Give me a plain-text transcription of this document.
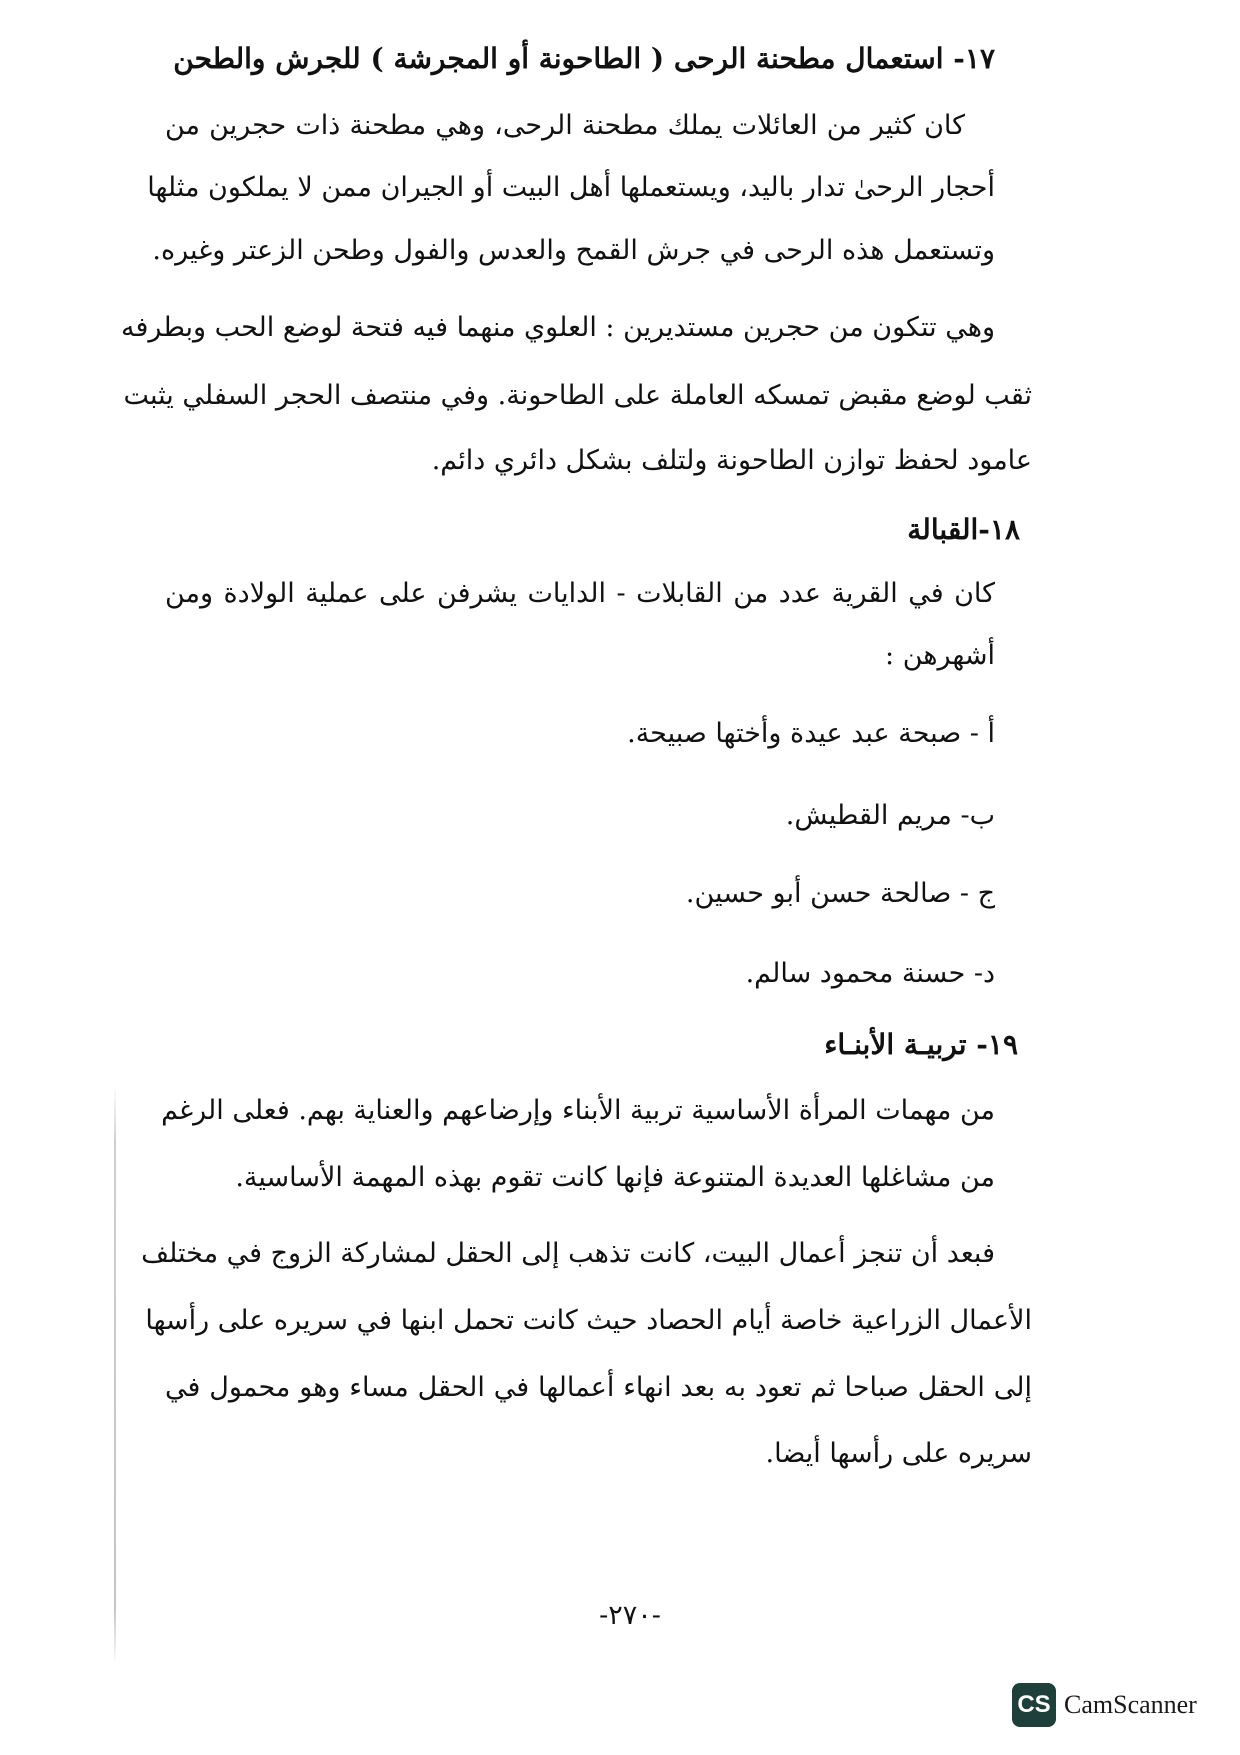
١٧- استعمال مطحنة الرحى ( الطاحونة أو المجرشة ) للجرش والطحن
كان كثير من العائلات يملك مطحنة الرحى، وهي مطحنة ذات حجرين من
أحجار الرحىٰ تدار باليد، ويستعملها أهل البيت أو الجيران ممن لا يملكون مثلها
وتستعمل هذه الرحى في جرش القمح والعدس والفول وطحن الزعتر وغيره.
وهي تتكون من حجرين مستديرين : العلوي منهما فيه فتحة لوضع الحب وبطرفه
ثقب لوضع مقبض تمسكه العاملة على الطاحونة. وفي منتصف الحجر السفلي يثبت
عامود لحفظ توازن الطاحونة ولتلف بشكل دائري دائم.
١٨-القبالة
كان في القرية عدد من القابلات - الدايات يشرفن على عملية الولادة ومن
أشهرهن :
أ - صبحة عبد عيدة وأختها صبيحة.
ب- مريم القطيش.
ج - صالحة حسن أبو حسين.
د- حسنة محمود سالم.
١٩- تربيـة الأبنـاء
من مهمات المرأة الأساسية تربية الأبناء وإرضاعهم والعناية بهم. فعلى الرغم
من مشاغلها العديدة المتنوعة فإنها كانت تقوم بهذه المهمة الأساسية.
فبعد أن تنجز أعمال البيت، كانت تذهب إلى الحقل لمشاركة الزوج في مختلف
الأعمال الزراعية خاصة أيام الحصاد حيث كانت تحمل ابنها في سريره على رأسها
إلى الحقل صباحا ثم تعود به بعد انهاء أعمالها في الحقل مساء وهو محمول في
سريره على رأسها أيضا.
-٢٧٠-
CS CamScanner
